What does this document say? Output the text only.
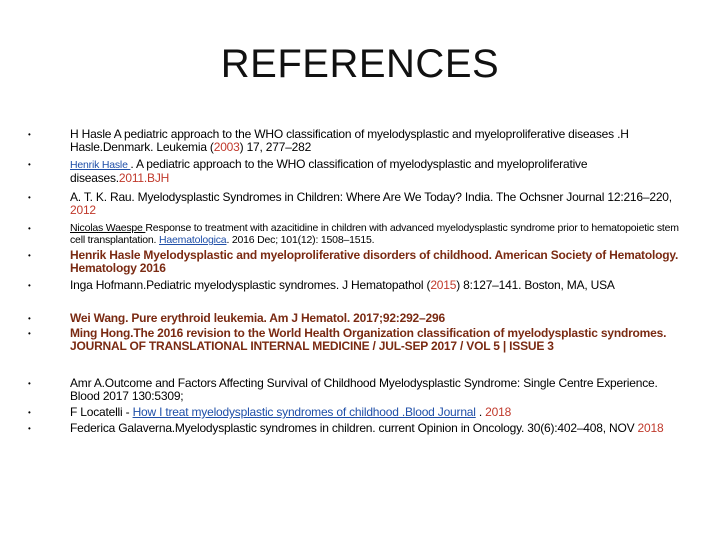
REFERENCES
•
•
•
•
•
•
•
•
•
•
•
H Hasle A pediatric approach to the WHO classification of myelodysplastic and myeloproliferative diseases .H Hasle.Denmark. Leukemia (2003) 17, 277–282
Henrik Hasle . A pediatric approach to the WHO classification of myelodysplastic and myeloproliferative diseases.2011.BJH
A. T. K. Rau. Myelodysplastic Syndromes in Children: Where Are We Today? India. The Ochsner Journal 12:216–220, 2012
Nicolas Waespe Response to treatment with azacitidine in children with advanced myelodysplastic syndrome prior to hematopoietic stem cell transplantation. Haematologica. 2016 Dec; 101(12): 1508–1515.
Henrik Hasle Myelodysplastic and myeloproliferative disorders of childhood. American Society of Hematology. Hematology 2016
Inga Hofmann.Pediatric myelodysplastic syndromes. J Hematopathol (2015) 8:127–141. Boston, MA, USA
Wei Wang. Pure erythroid leukemia. Am J Hematol. 2017;92:292–296
Ming Hong.The 2016 revision to the World Health Organization classification of myelodysplastic syndromes. JOURNAL OF TRANSLATIONAL INTERNAL MEDICINE / JUL-SEP 2017 / VOL 5 | ISSUE 3
Amr A.Outcome and Factors Affecting Survival of Childhood Myelodysplastic Syndrome: Single Centre Experience. Blood 2017 130:5309;
F Locatelli - How I treat myelodysplastic syndromes of childhood .Blood Journal . 2018
Federica Galaverna.Myelodysplastic syndromes in children. current Opinion in Oncology. 30(6):402–408, NOV 2018
